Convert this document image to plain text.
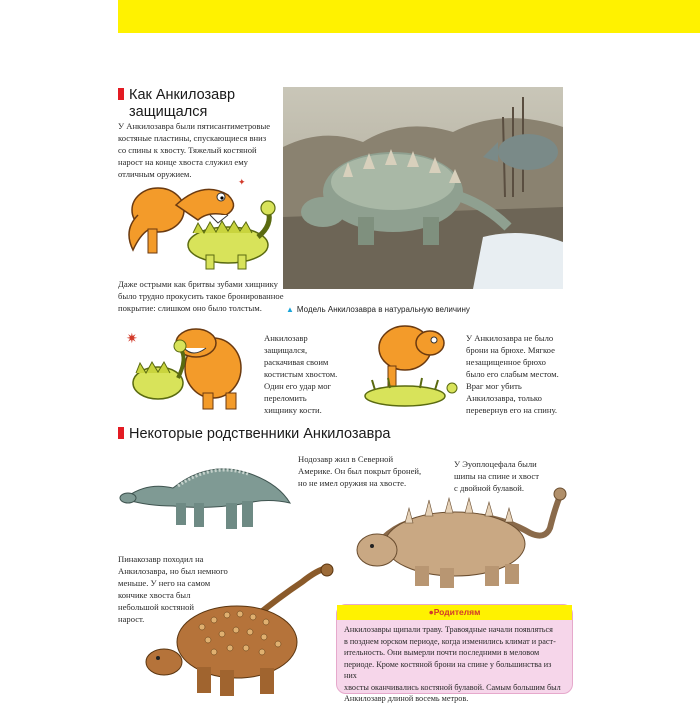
Как Анкилозавр
защищался
У Анкилозавра были пятисантиметровые
костяные пластины, спускающиеся вниз
со спины к хвосту. Тяжелый костяной
нарост на конце хвоста служил ему
отличным оружием.
✦
Даже острыми как бритвы зубами хищнику
было трудно прокусить такое бронированное
покрытие: слишком оно было толстым.	▲ Модель Анкилозавра в натуральную величину
✷	Анкилозавр
защищался,
раскачивая своим
костистым хвостом.
Один его удар мог
переломить
хищнику кости.
У Анкилозавра не было
брони на брюхе. Мягкое
незащищенное брюхо
было его слабым местом.
Враг мог убить
Анкилозавра, только
перевернув его на спину.
Некоторые родственники Анкилозавра
Нодозавр жил в Северной
Америке. Он был покрыт броней,
но не имел оружия на хвосте.
У Эуоплоцефала были
шипы на спине и хвост
с двойной булавой.
Пинакозавр походил на
Анкилозавра, но был немного
меньше. У него на самом
кончике хвоста был
небольшой костяной
нарост.
●Родителям
Анкилозавры щипали траву. Травоядные начали появляться
в позднем юрском периоде, когда изменились климат и раст-
ительность. Они вымерли почти последними в меловом
периоде. Кроме костяной брони на спине у большинства из них
хвосты оканчивались костяной булавой. Самым большим был
Анкилозавр длиной восемь метров.
